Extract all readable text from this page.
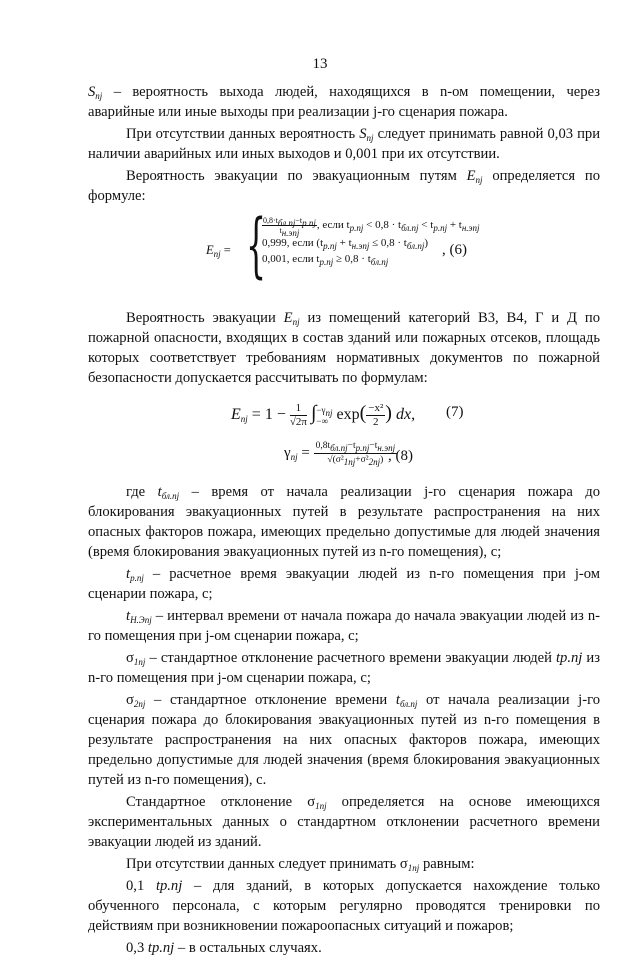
13

$S_{nj}$ – вероятность выхода людей, находящихся в n-ом помещении, через аварийные или иные выходы при реализации j-го сценария пожара.

При отсутствии данных вероятность $S_{nj}$ следует принимать равной 0,03 при наличии аварийных или иных выходов и 0,001 при их отсутствии.

Вероятность эвакуации по эвакуационным путям $E_{nj}$ определяется по формуле:

$E_{nj}$ = {
$\frac{0,8\cdot t_{бл.nj}-t_{p.nj}}{t_{н.эnj}}$ , если $t_{p.nj} < 0,8 \cdot t_{бл.nj} < t_{p.nj} + t_{н.эnj}$
0,999, если $(t_{p.nj} + t_{н.эnj} \le 0,8 \cdot t_{бл.nj})$
0,001, если $t_{p.nj} \ge 0,8 \cdot t_{бл.nj}$
, (6)

Вероятность эвакуации $E_{nj}$ из помещений категорий В3, В4, Г и Д по пожарной опасности, входящих в состав зданий или пожарных отсеков, площадь которых соответствует требованиям нормативных документов по пожарной безопасности допускается рассчитывать по формулам:

$E_{nj} = 1 - \frac{1}{√2\pi}$ ∫ $-\gamma_{nj}$
−∞ $\exp( \frac{\text{−x²}}{2}$ ) dx, (7)
$\gamma_{nj} = \frac{0,8t_{бл.nj}-t_{p.nj}-t_{н.эnj}}{√(\sigma^2_{1nj}+\sigma^2_{2nj})}$
, (8)

где $t_{бл.nj}$ – время от начала реализации j-го сценария пожара до блокирования эвакуационных путей в результате распространения на них опасных факторов пожара, имеющих предельно допустимые для людей значения (время блокирования эвакуационных путей из n-го помещения), с;

$t_{p.nj}$ – расчетное время эвакуации людей из n-го помещения при j-ом сценарии пожара, с;

$t_{Н.Эnj}$ – интервал времени от начала пожара до начала эвакуации людей из n-го помещения при j-ом сценарии пожара, с;

$\sigma_{1nj}$ – стандартное отклонение расчетного времени эвакуации людей tр.nj из n-го помещения при j-ом сценарии пожара, с;

$\sigma_{2nj}$ – стандартное отклонение времени $t_{бл.nj}$ от начала реализации j-го сценария пожара до блокирования эвакуационных путей из n-го помещения в результате распространения на них опасных факторов пожара, имеющих предельно допустимые для людей значения (время блокирования эвакуационных путей из n-го помещения), с.

Стандартное отклонение $\sigma_{1nj}$ определяется на основе имеющихся экспериментальных данных о стандартном отклонении расчетного времени эвакуации людей из зданий.

При отсутствии данных следует принимать $\sigma_{1nj}$ равным:

0,1 tр.nj – для зданий, в которых допускается нахождение только обученного персонала, с которым регулярно проводятся тренировки по действиям при возникновении пожароопасных ситуаций и пожаров;

0,3 tр.nj – в остальных случаях.
